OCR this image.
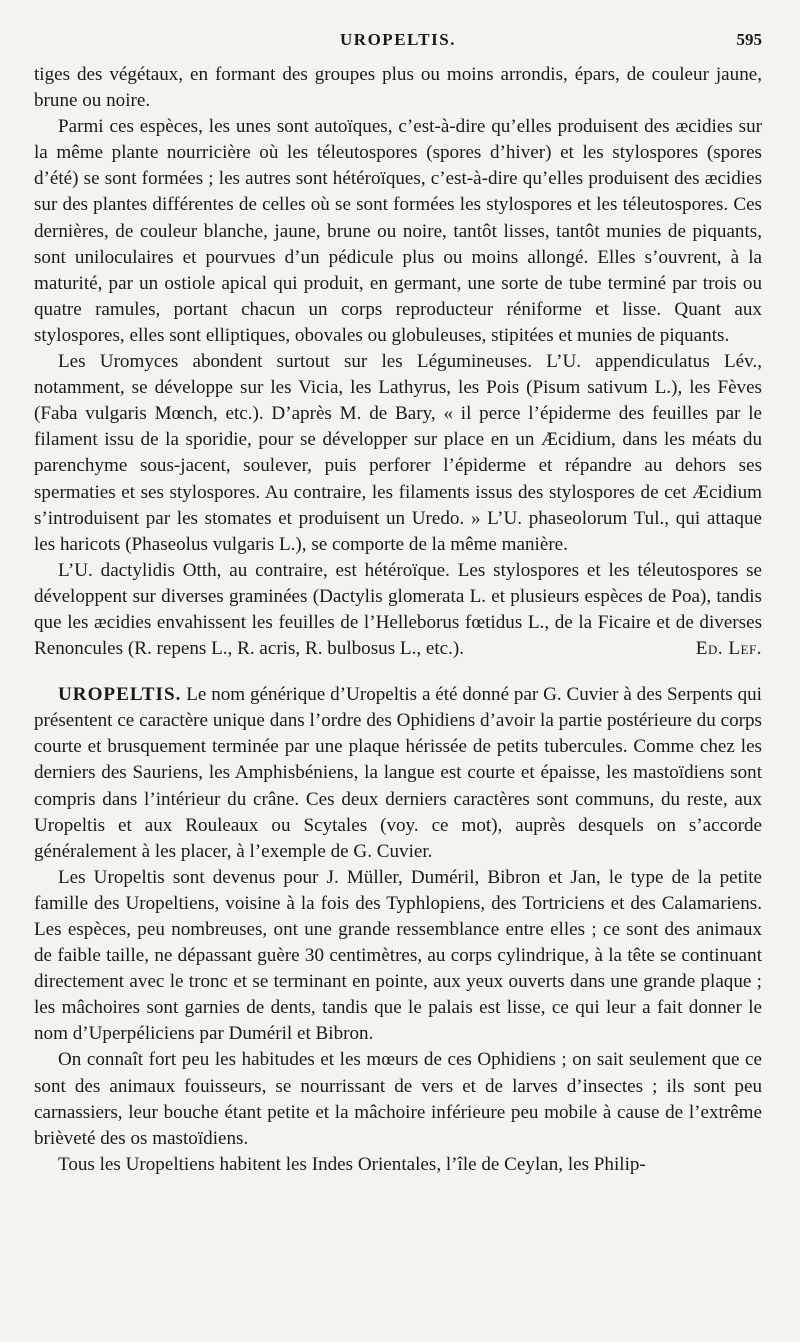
UROPELTIS.	595

tiges des végétaux, en formant des groupes plus ou moins arrondis, épars, de couleur jaune, brune ou noire.

Parmi ces espèces, les unes sont autoïques, c’est-à-dire qu’elles produisent des æcidies sur la même plante nourricière où les téleutospores (spores d’hiver) et les stylospores (spores d’été) se sont formées ; les autres sont hétéroïques, c’est-à-dire qu’elles produisent des æcidies sur des plantes différentes de celles où se sont formées les stylospores et les téleutospores. Ces dernières, de couleur blanche, jaune, brune ou noire, tantôt lisses, tantôt munies de piquants, sont uniloculaires et pourvues d’un pédicule plus ou moins allongé. Elles s’ouvrent, à la maturité, par un ostiole apical qui produit, en germant, une sorte de tube terminé par trois ou quatre ramules, portant chacun un corps reproducteur réniforme et lisse. Quant aux stylospores, elles sont elliptiques, obovales ou globuleuses, stipitées et munies de piquants.

Les Uromyces abondent surtout sur les Légumineuses. L’U. appendiculatus Lév., notamment, se développe sur les Vicia, les Lathyrus, les Pois (Pisum sativum L.), les Fèves (Faba vulgaris Mœnch, etc.). D’après M. de Bary, « il perce l’épiderme des feuilles par le filament issu de la sporidie, pour se développer sur place en un Æcidium, dans les méats du parenchyme sous-jacent, soulever, puis perforer l’épiderme et répandre au dehors ses spermaties et ses stylospores. Au contraire, les filaments issus des stylospores de cet Æcidium s’introduisent par les stomates et produisent un Uredo. » L’U. phaseolorum Tul., qui attaque les haricots (Phaseolus vulgaris L.), se comporte de la même manière.

L’U. dactylidis Otth, au contraire, est hétéroïque. Les stylospores et les téleutospores se développent sur diverses graminées (Dactylis glomerata L. et plusieurs espèces de Poa), tandis que les æcidies envahissent les feuilles de l’Helleborus fœtidus L., de la Ficaire et de diverses Renoncules (R. repens L., R. acris, R. bulbosus L., etc.).	Ed. Lef.

UROPELTIS. Le nom générique d’Uropeltis a été donné par G. Cuvier à des Serpents qui présentent ce caractère unique dans l’ordre des Ophidiens d’avoir la partie postérieure du corps courte et brusquement terminée par une plaque hérissée de petits tubercules. Comme chez les derniers des Sauriens, les Amphisbéniens, la langue est courte et épaisse, les mastoïdiens sont compris dans l’intérieur du crâne. Ces deux derniers caractères sont communs, du reste, aux Uropeltis et aux Rouleaux ou Scytales (voy. ce mot), auprès desquels on s’accorde généralement à les placer, à l’exemple de G. Cuvier.

Les Uropeltis sont devenus pour J. Müller, Duméril, Bibron et Jan, le type de la petite famille des Uropeltiens, voisine à la fois des Typhlopiens, des Tortriciens et des Calamariens. Les espèces, peu nombreuses, ont une grande ressemblance entre elles ; ce sont des animaux de faible taille, ne dépassant guère 30 centimètres, au corps cylindrique, à la tête se continuant directement avec le tronc et se terminant en pointe, aux yeux ouverts dans une grande plaque ; les mâchoires sont garnies de dents, tandis que le palais est lisse, ce qui leur a fait donner le nom d’Uperpéliciens par Duméril et Bibron.

On connaît fort peu les habitudes et les mœurs de ces Ophidiens ; on sait seulement que ce sont des animaux fouisseurs, se nourrissant de vers et de larves d’insectes ; ils sont peu carnassiers, leur bouche étant petite et la mâchoire inférieure peu mobile à cause de l’extrême brièveté des os mastoïdiens.

Tous les Uropeltiens habitent les Indes Orientales, l’île de Ceylan, les Philip-
